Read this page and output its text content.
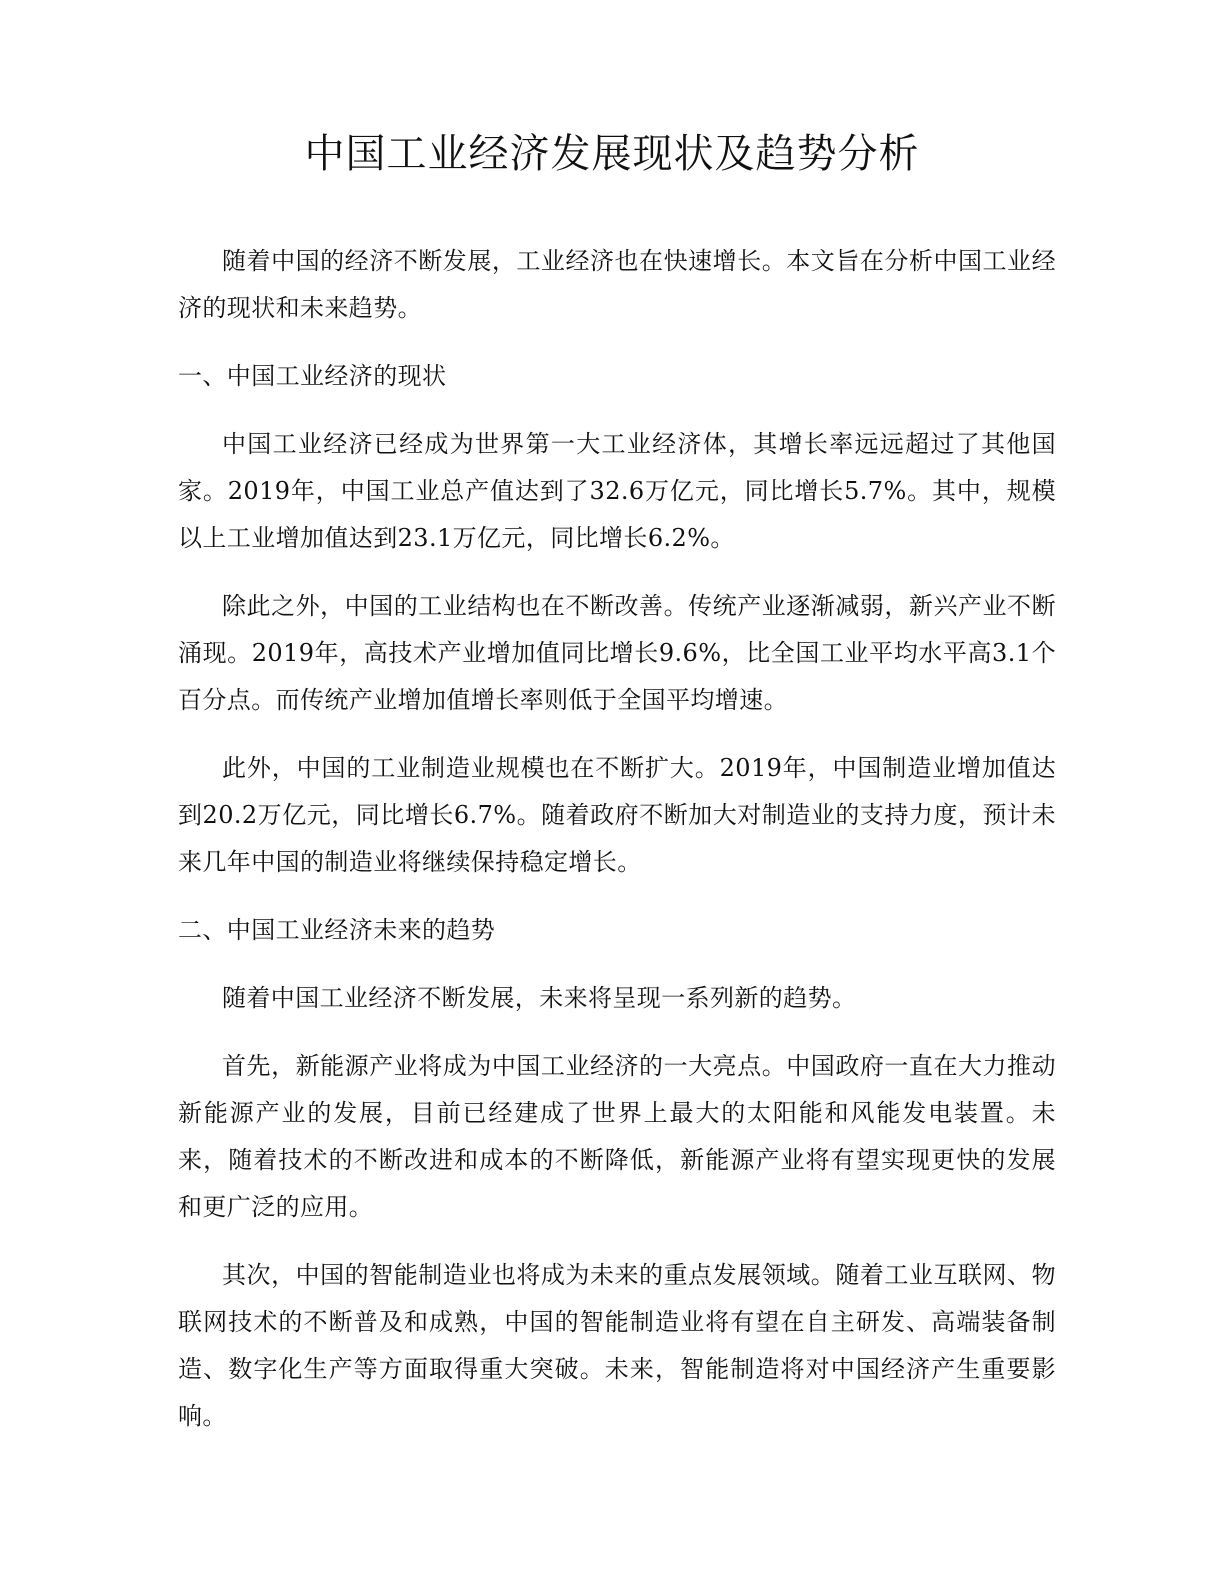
中国工业经济发展现状及趋势分析

随着中国的经济不断发展，工业经济也在快速增长。本文旨在分析中国工业经济的现状和未来趋势。

一、中国工业经济的现状

中国工业经济已经成为世界第一大工业经济体，其增长率远远超过了其他国家。2019年，中国工业总产值达到了32.6万亿元，同比增长5.7%。其中，规模以上工业增加值达到23.1万亿元，同比增长6.2%。

除此之外，中国的工业结构也在不断改善。传统产业逐渐减弱，新兴产业不断涌现。2019年，高技术产业增加值同比增长9.6%，比全国工业平均水平高3.1个百分点。而传统产业增加值增长率则低于全国平均增速。

此外，中国的工业制造业规模也在不断扩大。2019年，中国制造业增加值达到20.2万亿元，同比增长6.7%。随着政府不断加大对制造业的支持力度，预计未来几年中国的制造业将继续保持稳定增长。

二、中国工业经济未来的趋势

随着中国工业经济不断发展，未来将呈现一系列新的趋势。

首先，新能源产业将成为中国工业经济的一大亮点。中国政府一直在大力推动新能源产业的发展，目前已经建成了世界上最大的太阳能和风能发电装置。未来，随着技术的不断改进和成本的不断降低，新能源产业将有望实现更快的发展和更广泛的应用。

其次，中国的智能制造业也将成为未来的重点发展领域。随着工业互联网、物联网技术的不断普及和成熟，中国的智能制造业将有望在自主研发、高端装备制造、数字化生产等方面取得重大突破。未来，智能制造将对中国经济产生重要影响。
